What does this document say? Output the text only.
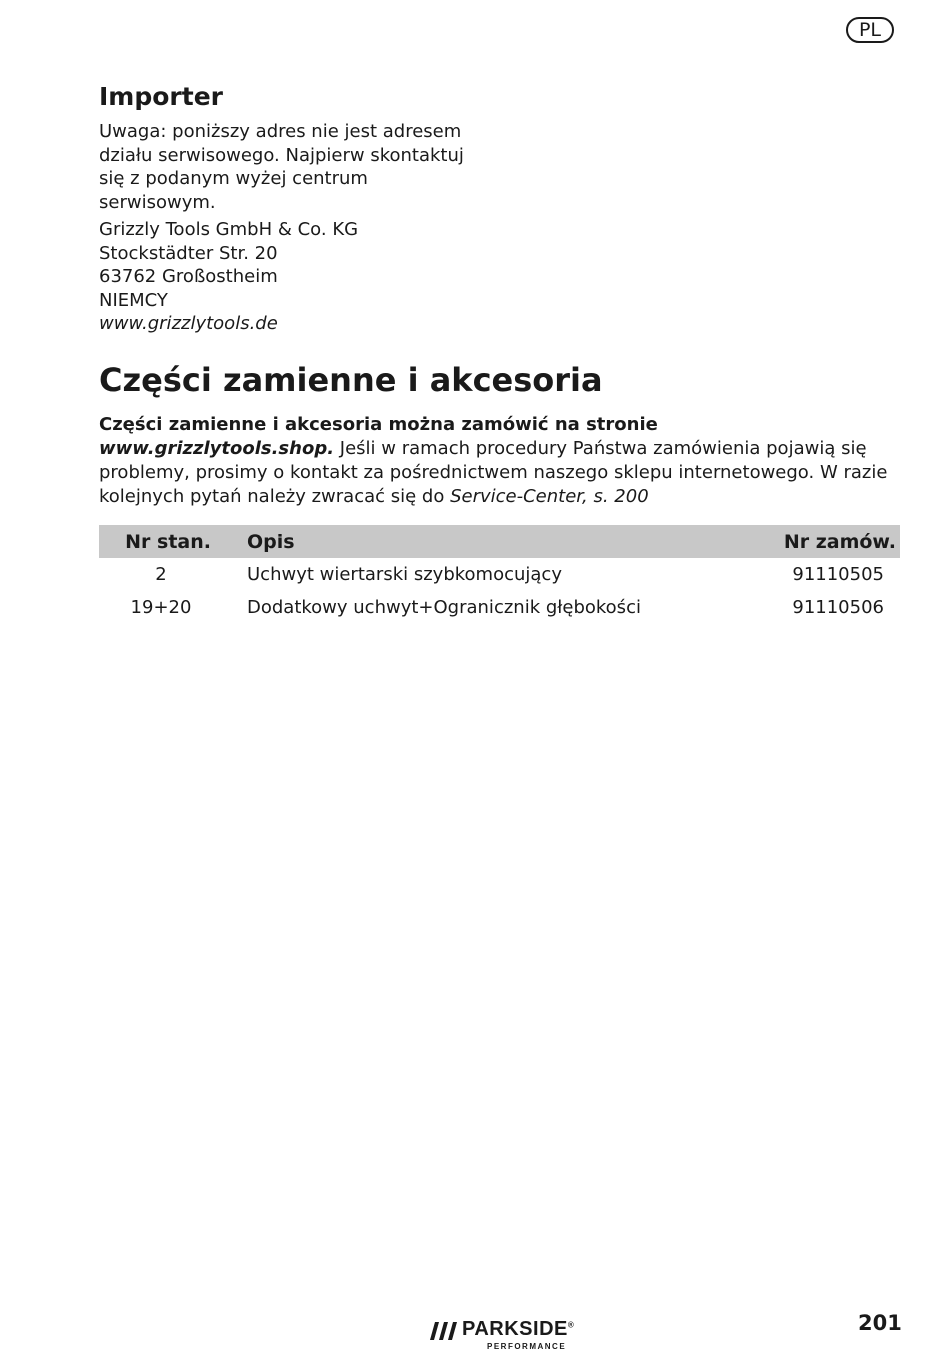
PL
Importer

Uwaga: poniższy adres nie jest adresem działu serwisowego. Najpierw skontaktuj się z podanym wyżej centrum serwisowym.

Grizzly Tools GmbH & Co. KG
Stockstädter Str. 20
63762 Großostheim
NIEMCY
www.grizzlytools.de
Części zamienne i akcesoria

Części zamienne i akcesoria można zamówić na stronie
www.grizzlytools.shop. Jeśli w ramach procedury Państwa zamówienia pojawią się problemy, prosimy o kontakt za pośrednictwem naszego sklepu internetowego. W razie kolejnych pytań należy zwracać się do Service-Center, s. 200

Nr stan.	Opis	Nr zamów.
2	Uchwyt wiertarski szybkomocujący	91110505
19+20	Dodatkowy uchwyt+Ogranicznik głębokości	91110506
PARKSIDE®
PERFORMANCE
201
